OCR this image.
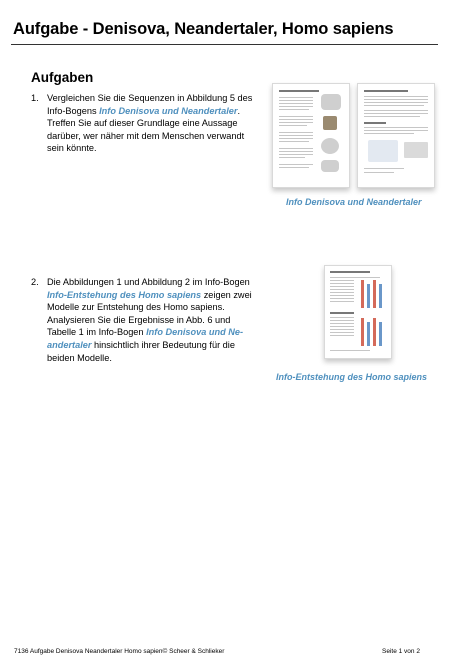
Aufgabe - Denisova, Neandertaler, Homo sapiens
Aufgaben
1. Vergleichen Sie die Sequenzen in Abbildung 5 des Info-Bogens Info Denisova und Neandertaler. Treffen Sie auf dieser Grundlage eine Aussage darüber, wer näher mit dem Menschen verwandt sein könnte.
2. Die Abbildungen 1 und Abbildung 2 im Info-Bogen Info-Entstehung des Homo sapiens zeigen zwei Modelle zur Entstehung des Homo sapiens. Analysieren Sie die Ergebnisse in Abb. 6 und Tabelle 1 im Info-Bogen Info Denisova und Ne-andertaler hinsichtlich ihrer Bedeutung für die beiden Modelle.
Info Denisova und Neandertaler
Info-Entstehung des Homo sapiens
7136 Aufgabe Denisova Neandertaler Homo sapien© Scheer & Schlieker	Seite 1 von 2
